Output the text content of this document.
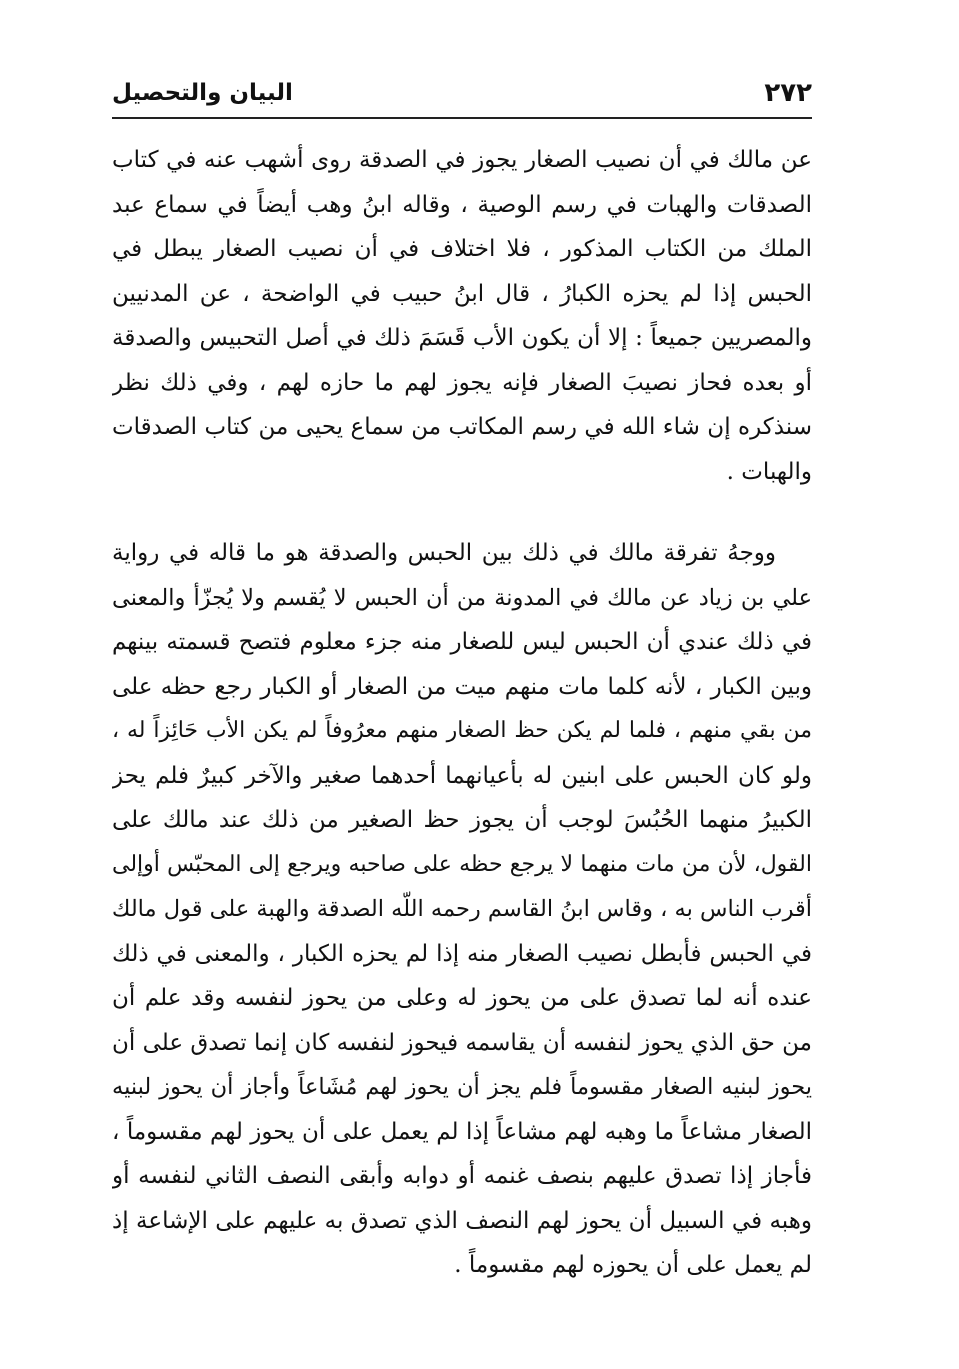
٢٧٢
البيان والتحصيل
عن مالك في أن نصيب الصغار يجوز في الصدقة روى أشهب عنه في كتاب
الصدقات والهبات في رسم الوصية ، وقاله ابنُ وهب أيضاً في سماع عبد
الملك من الكتاب المذكور ، فلا اختلاف في أن نصيب الصغار يبطل في
الحبس إذا لم يحزه الكبارُ ، قال ابنُ حبيب في الواضحة ، عن المدنيين
والمصريين جميعاً : إلا أن يكون الأب قَسَمَ ذلك في أصل التحبيس والصدقة
أو بعده فحاز نصيبَ الصغار فإنه يجوز لهم ما حازه لهم ، وفي ذلك نظر
سنذكره إن شاء الله في رسم المكاتب من سماع يحيى من كتاب الصدقات
والهبات .
ووجهُ تفرقة مالك في ذلك بين الحبس والصدقة هو ما قاله في رواية
علي بن زياد عن مالك في المدونة من أن الحبس لا يُقسم ولا يُجزّأ والمعنى
في ذلك عندي أن الحبس ليس للصغار منه جزء معلوم فتصح قسمته بينهم
وبين الكبار ، لأنه كلما مات منهم ميت من الصغار أو الكبار رجع حظه على
من بقي منهم ، فلما لم يكن حظ الصغار منهم معرُوفاً لم يكن الأب حَائِزاً له ،
ولو كان الحبس على ابنين له بأعيانهما أحدهما صغير والآخر كبيرٌ فلم يحز
الكبيرُ منهما الحُبُسَ لوجب أن يجوز حظ الصغير من ذلك عند مالك على
القول، لأن من مات منهما لا يرجع حظه على صاحبه ويرجع إلى المحبّس أوإلى
أقرب الناس به ، وقاس ابنُ القاسم رحمه اللّه الصدقة والهبة على قول مالك
في الحبس فأبطل نصيب الصغار منه إذا لم يحزه الكبار ، والمعنى في ذلك
عنده أنه لما تصدق على من يحوز له وعلى من يحوز لنفسه وقد علم أن
من حق الذي يحوز لنفسه أن يقاسمه فيحوز لنفسه كان إنما تصدق على أن
يحوز لبنيه الصغار مقسوماً فلم يجز أن يحوز لهم مُشَاعاً وأجاز أن يحوز لبنيه
الصغار مشاعاً ما وهبه لهم مشاعاً إذا لم يعمل على أن يحوز لهم مقسوماً ،
فأجاز إذا تصدق عليهم بنصف غنمه أو دوابه وأبقى النصف الثاني لنفسه أو
وهبه في السبيل أن يحوز لهم النصف الذي تصدق به عليهم على الإشاعة إذ
لم يعمل على أن يحوزه لهم مقسوماً .
